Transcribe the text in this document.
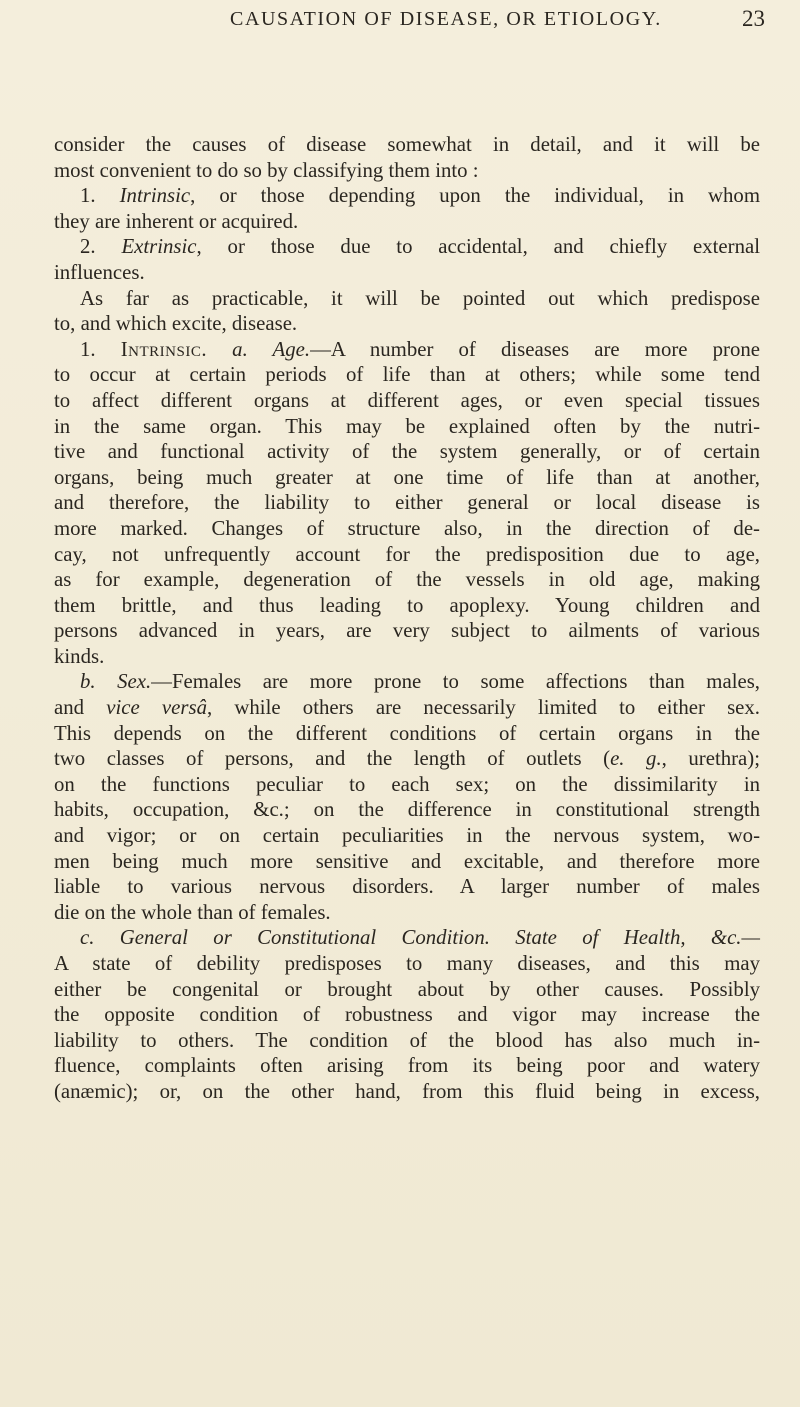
CAUSATION OF DISEASE, OR ETIOLOGY.	23
consider the causes of disease somewhat in detail, and it will be
most convenient to do so by classifying them into :
1. Intrinsic, or those depending upon the individual, in whom
they are inherent or acquired.
2. Extrinsic, or those due to accidental, and chiefly external
influences.
As far as practicable, it will be pointed out which predispose
to, and which excite, disease.
1. Intrinsic. a. Age.—A number of diseases are more prone
to occur at certain periods of life than at others; while some tend
to affect different organs at different ages, or even special tissues
in the same organ. This may be explained often by the nutri-
tive and functional activity of the system generally, or of certain
organs, being much greater at one time of life than at another,
and therefore, the liability to either general or local disease is
more marked. Changes of structure also, in the direction of de-
cay, not unfrequently account for the predisposition due to age,
as for example, degeneration of the vessels in old age, making
them brittle, and thus leading to apoplexy. Young children and
persons advanced in years, are very subject to ailments of various
kinds.
b. Sex.—Females are more prone to some affections than males,
and vice versâ, while others are necessarily limited to either sex.
This depends on the different conditions of certain organs in the
two classes of persons, and the length of outlets (e. g., urethra);
on the functions peculiar to each sex; on the dissimilarity in
habits, occupation, &c.; on the difference in constitutional strength
and vigor; or on certain peculiarities in the nervous system, wo-
men being much more sensitive and excitable, and therefore more
liable to various nervous disorders. A larger number of males
die on the whole than of females.
c. General or Constitutional Condition. State of Health, &c.—
A state of debility predisposes to many diseases, and this may
either be congenital or brought about by other causes. Possibly
the opposite condition of robustness and vigor may increase the
liability to others. The condition of the blood has also much in-
fluence, complaints often arising from its being poor and watery
(anæmic); or, on the other hand, from this fluid being in excess,
